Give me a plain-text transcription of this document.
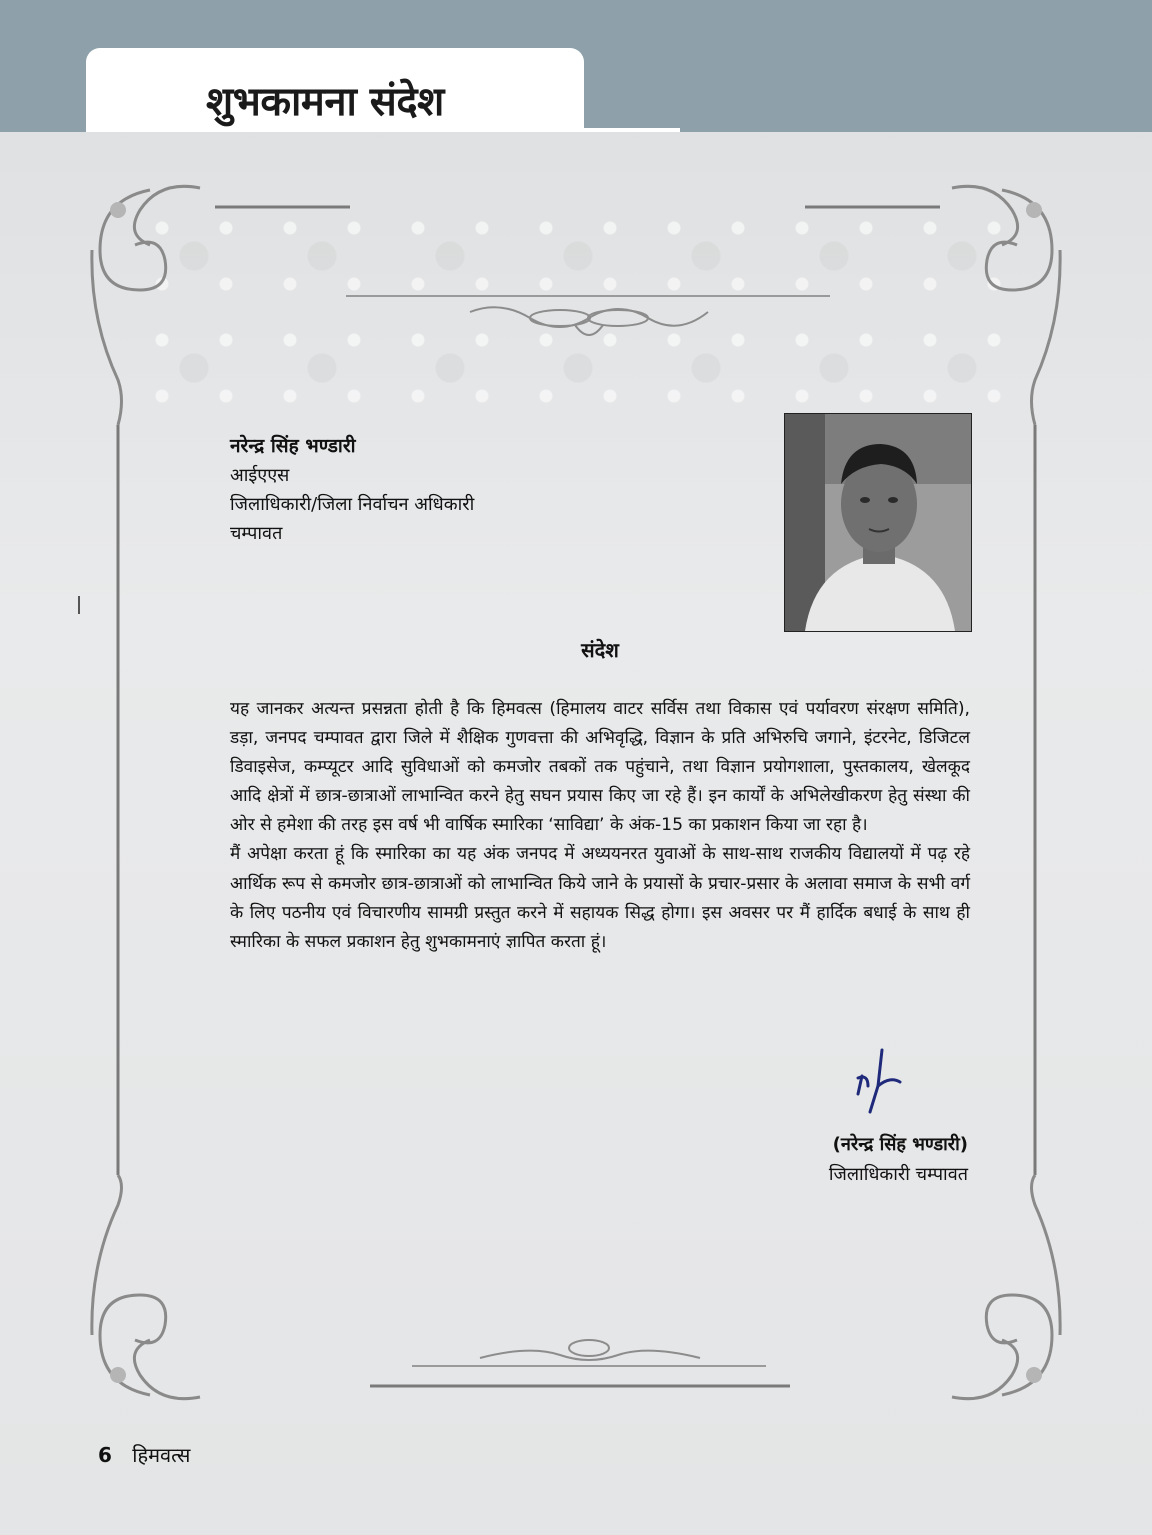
शुभकामना संदेश
नरेन्द्र सिंह भण्डारी
आईएएस
जिलाधिकारी/जिला निर्वाचन अधिकारी
चम्पावत
संदेश

यह जानकर अत्यन्त प्रसन्नता होती है कि हिमवत्स (हिमालय वाटर सर्विस तथा विकास एवं पर्यावरण संरक्षण समिति), डड़ा, जनपद चम्पावत द्वारा जिले में शैक्षिक गुणवत्ता की अभिवृद्धि, विज्ञान के प्रति अभिरुचि जगाने, इंटरनेट, डिजिटल डिवाइसेज, कम्प्यूटर आदि सुविधाओं को कमजोर तबकों तक पहुंचाने, तथा विज्ञान प्रयोगशाला, पुस्तकालय, खेलकूद आदि क्षेत्रों में छात्र-छात्राओं लाभान्वित करने हेतु सघन प्रयास किए जा रहे हैं। इन कार्यों के अभिलेखीकरण हेतु संस्था की ओर से हमेशा की तरह इस वर्ष भी वार्षिक स्मारिका ‘साविद्या’ के अंक-15 का प्रकाशन किया जा रहा है।

मैं अपेक्षा करता हूं कि स्मारिका का यह अंक जनपद में अध्ययनरत युवाओं के साथ-साथ राजकीय विद्यालयों में पढ़ रहे आर्थिक रूप से कमजोर छात्र-छात्राओं को लाभान्वित किये जाने के प्रयासों के प्रचार-प्रसार के अलावा समाज के सभी वर्ग के लिए पठनीय एवं विचारणीय सामग्री प्रस्तुत करने में सहायक सिद्ध होगा। इस अवसर पर मैं हार्दिक बधाई के साथ ही स्मारिका के सफल प्रकाशन हेतु शुभकामनाएं ज्ञापित करता हूं।

(नरेन्द्र सिंह भण्डारी)
जिलाधिकारी चम्पावत
6 हिमवत्स
